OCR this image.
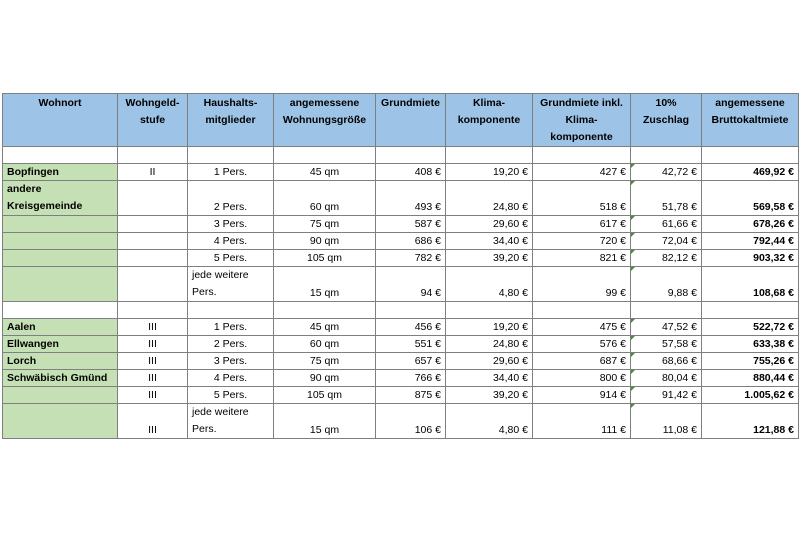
Wohnort	Wohngeld-stufe	Haushalts-mitglieder	angemessene Wohnungsgröße	Grundmiete	Klima-komponente	Grundmiete inkl. Klima-komponente	10% Zuschlag	angemessene Bruttokaltmiete

Bopfingen	II	1 Pers.	45 qm	408 €	19,20 €	427 €	42,72 €	469,92 €
andere Kreisgemeinde		2 Pers.	60 qm	493 €	24,80 €	518 €	51,78 €	569,58 €
		3 Pers.	75 qm	587 €	29,60 €	617 €	61,66 €	678,26 €
		4 Pers.	90 qm	686 €	34,40 €	720 €	72,04 €	792,44 €
		5 Pers.	105 qm	782 €	39,20 €	821 €	82,12 €	903,32 €
		jede weitere Pers.	15 qm	94 €	4,80 €	99 €	9,88 €	108,68 €

Aalen	III	1 Pers.	45 qm	456 €	19,20 €	475 €	47,52 €	522,72 €
Ellwangen	III	2 Pers.	60 qm	551 €	24,80 €	576 €	57,58 €	633,38 €
Lorch	III	3 Pers.	75 qm	657 €	29,60 €	687 €	68,66 €	755,26 €
Schwäbisch Gmünd	III	4 Pers.	90 qm	766 €	34,40 €	800 €	80,04 €	880,44 €
	III	5 Pers.	105 qm	875 €	39,20 €	914 €	91,42 €	1.005,62 €
	III	jede weitere Pers.	15 qm	106 €	4,80 €	111 €	11,08 €	121,88 €
